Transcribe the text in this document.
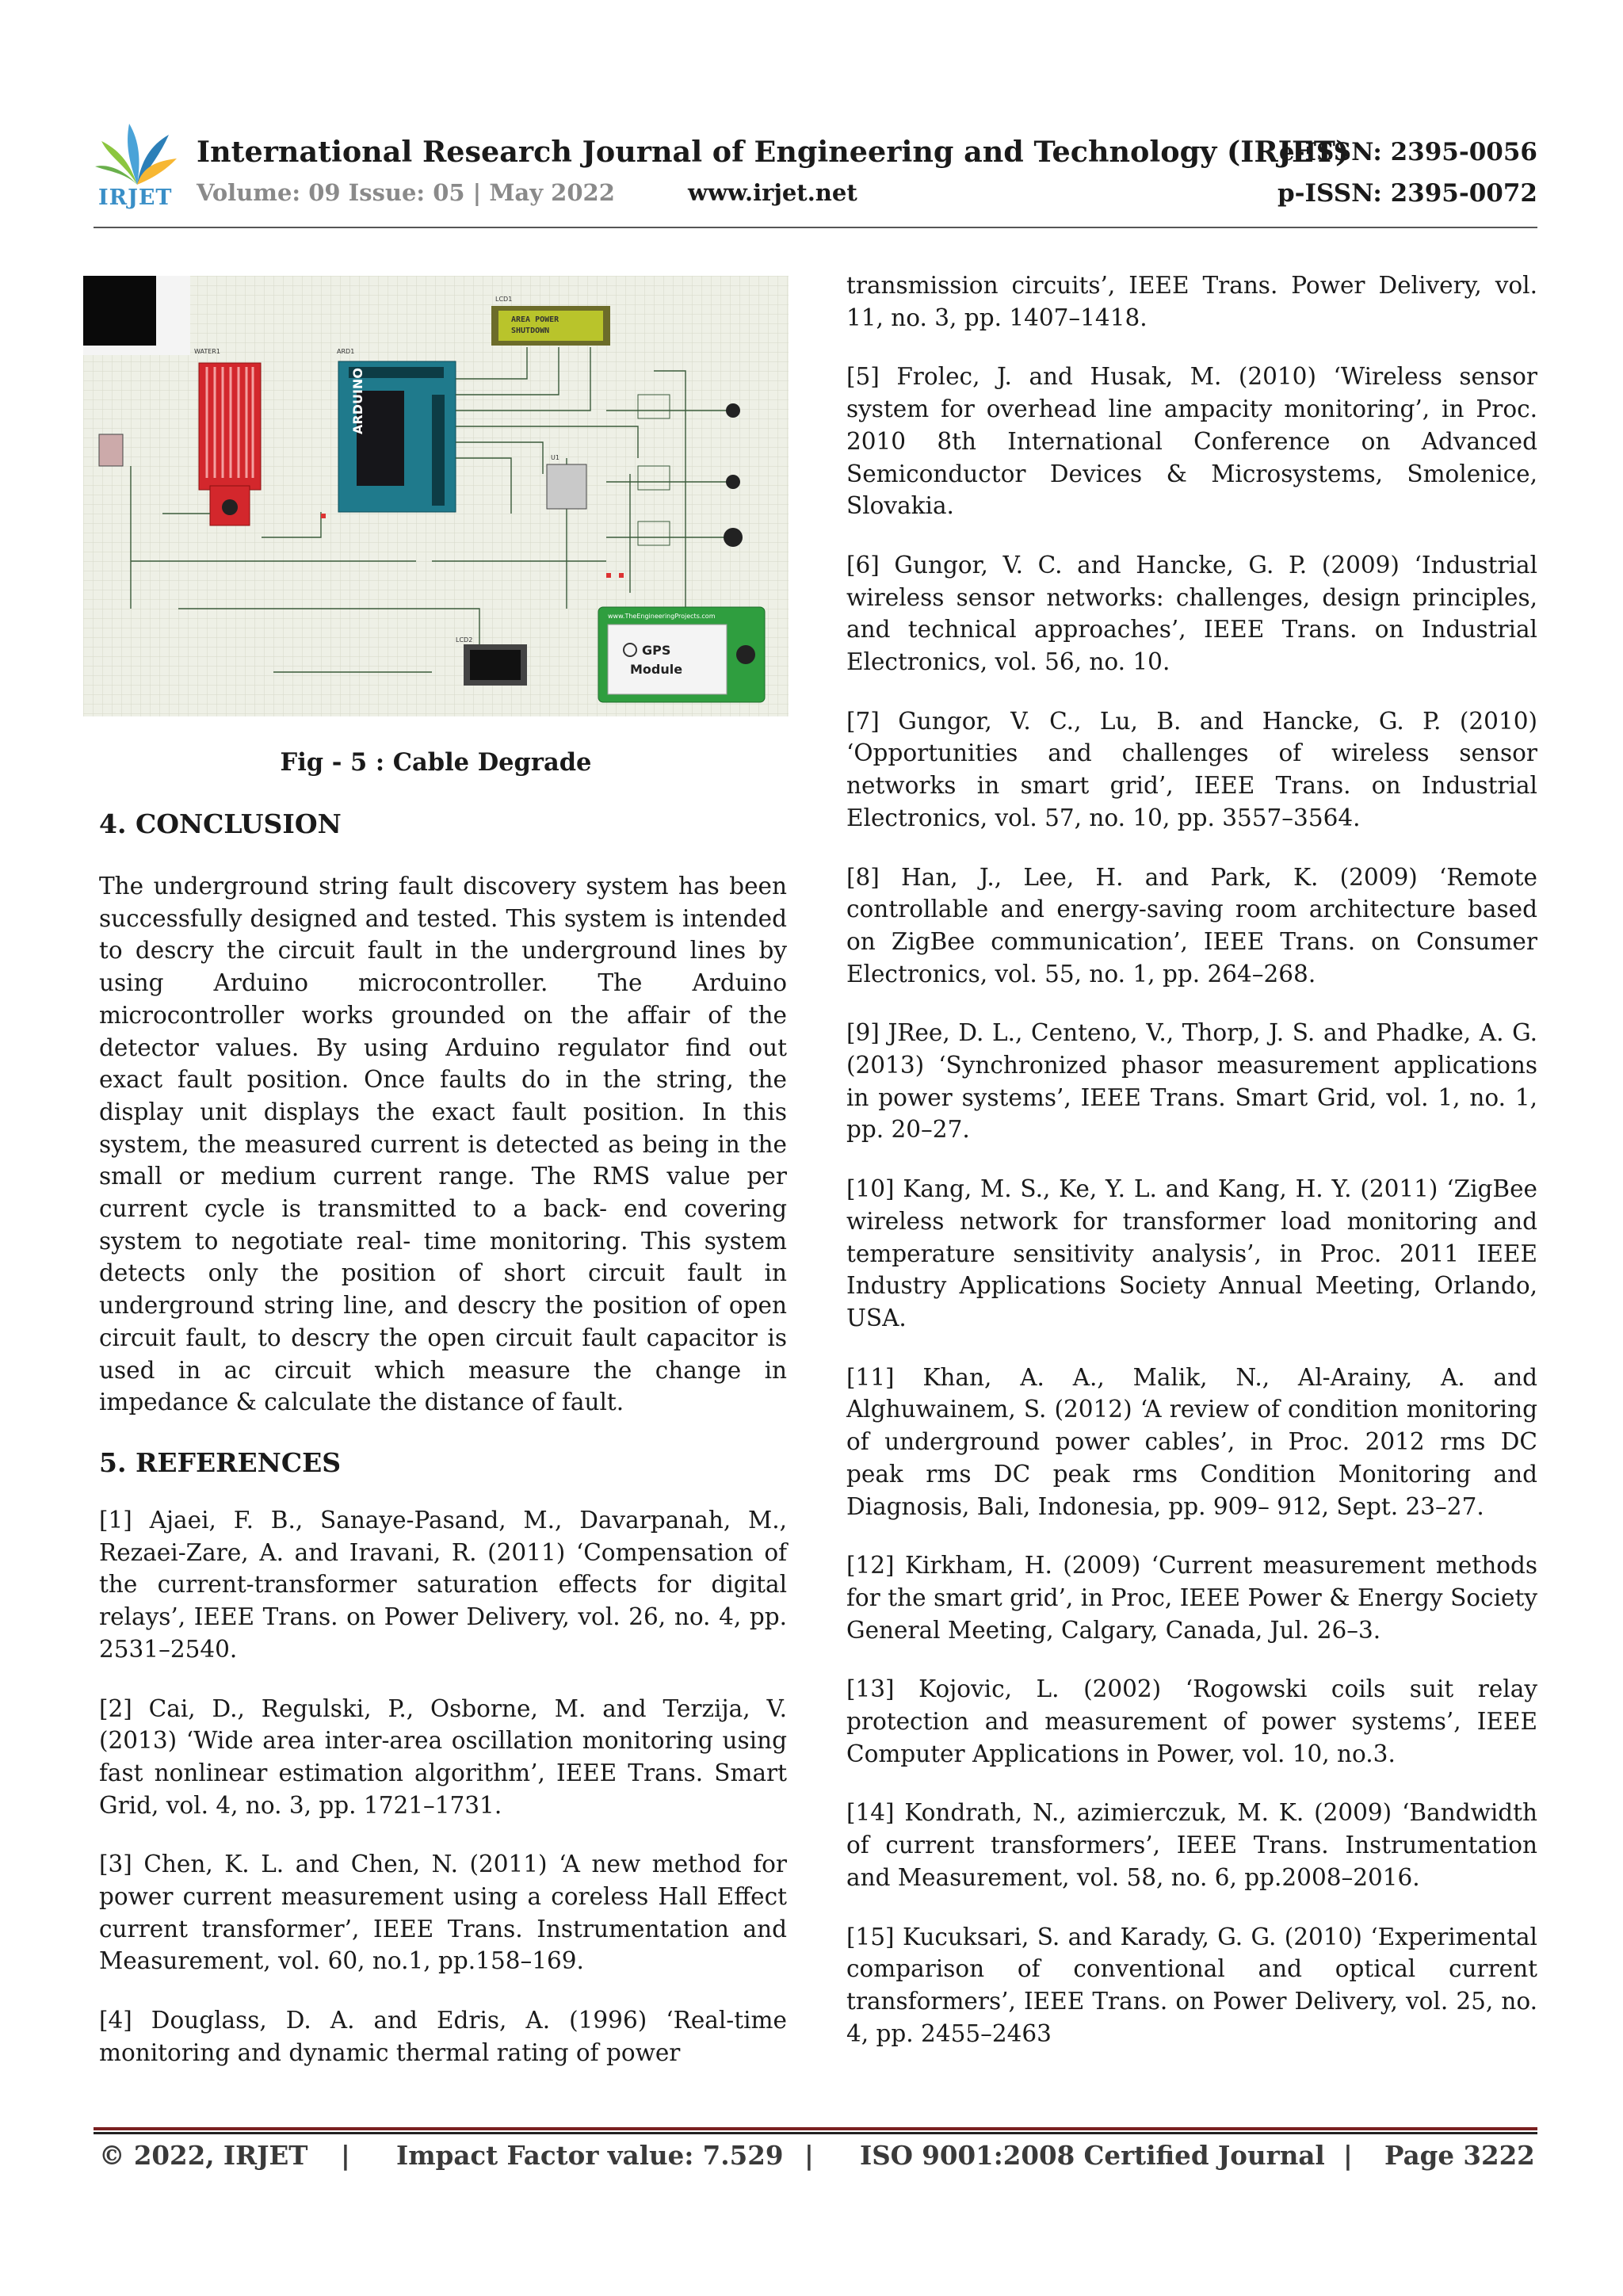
IRJET
International Research Journal of Engineering and Technology (IRJET)
e-ISSN: 2395-0056
Volume: 09 Issue: 05 | May 2022	www.irjet.net	p-ISSN: 2395-0072
WATER1	ARD1
ARDUINO
LCD1
AREA POWER
SHUTDOWN
U1
LCD2
www.TheEngineeringProjects.com
GPS
Module
Fig - 5 : Cable Degrade
4. CONCLUSION

The underground string fault discovery system has been successfully designed and tested. This system is intended to descry the circuit fault in the underground lines by using Arduino microcontroller. The Arduino microcontroller works grounded on the affair of the detector values. By using Arduino regulator find out exact fault position. Once faults do in the string, the display unit displays the exact fault position. In this system, the measured current is detected as being in the small or medium current range. The RMS value per current cycle is transmitted to a back- end covering system to negotiate real- time monitoring. This system detects only the position of short circuit fault in underground string line, and descry the position of open circuit fault, to descry the open circuit fault capacitor is used in ac circuit which measure the change in impedance & calculate the distance of fault.

5. REFERENCES
[1] Ajaei, F. B., Sanaye-Pasand, M., Davarpanah, M., Rezaei-Zare, A. and Iravani, R. (2011) ‘Compensation of the current-transformer saturation effects for digital relays’, IEEE Trans. on Power Delivery, vol. 26, no. 4, pp. 2531–2540.
[2] Cai, D., Regulski, P., Osborne, M. and Terzija, V. (2013) ‘Wide area inter-area oscillation monitoring using fast nonlinear estimation algorithm’, IEEE Trans. Smart Grid, vol. 4, no. 3, pp. 1721–1731.
[3] Chen, K. L. and Chen, N. (2011) ‘A new method for power current measurement using a coreless Hall Effect current transformer’, IEEE Trans. Instrumentation and Measurement, vol. 60, no.1, pp.158–169.
[4] Douglass, D. A. and Edris, A. (1996) ‘Real-time monitoring and dynamic thermal rating of power
transmission circuits’, IEEE Trans. Power Delivery, vol. 11, no. 3, pp. 1407–1418.
[5] Frolec, J. and Husak, M. (2010) ‘Wireless sensor system for overhead line ampacity monitoring’, in Proc. 2010 8th International Conference on Advanced Semiconductor Devices & Microsystems, Smolenice, Slovakia.
[6] Gungor, V. C. and Hancke, G. P. (2009) ‘Industrial wireless sensor networks: challenges, design principles, and technical approaches’, IEEE Trans. on Industrial Electronics, vol. 56, no. 10.
[7] Gungor, V. C., Lu, B. and Hancke, G. P. (2010) ‘Opportunities and challenges of wireless sensor networks in smart grid’, IEEE Trans. on Industrial Electronics, vol. 57, no. 10, pp. 3557–3564.
[8] Han, J., Lee, H. and Park, K. (2009) ‘Remote controllable and energy-saving room architecture based on ZigBee communication’, IEEE Trans. on Consumer Electronics, vol. 55, no. 1, pp. 264–268.
[9] JRee, D. L., Centeno, V., Thorp, J. S. and Phadke, A. G. (2013) ‘Synchronized phasor measurement applications in power systems’, IEEE Trans. Smart Grid, vol. 1, no. 1, pp. 20–27.
[10] Kang, M. S., Ke, Y. L. and Kang, H. Y. (2011) ‘ZigBee wireless network for transformer load monitoring and temperature sensitivity analysis’, in Proc. 2011 IEEE Industry Applications Society Annual Meeting, Orlando, USA.
[11] Khan, A. A., Malik, N., Al-Arainy, A. and Alghuwainem, S. (2012) ‘A review of condition monitoring of underground power cables’, in Proc. 2012 rms DC peak rms DC peak rms Condition Monitoring and Diagnosis, Bali, Indonesia, pp. 909– 912, Sept. 23–27.
[12] Kirkham, H. (2009) ‘Current measurement methods for the smart grid’, in Proc, IEEE Power & Energy Society General Meeting, Calgary, Canada, Jul. 26–3.
[13] Kojovic, L. (2002) ‘Rogowski coils suit relay protection and measurement of power systems’, IEEE Computer Applications in Power, vol. 10, no.3.
[14] Kondrath, N., azimierczuk, M. K. (2009) ‘Bandwidth of current transformers’, IEEE Trans. Instrumentation and Measurement, vol. 58, no. 6, pp.2008–2016.
[15] Kucuksari, S. and Karady, G. G. (2010) ‘Experimental comparison of conventional and optical current transformers’, IEEE Trans. on Power Delivery, vol. 25, no. 4, pp. 2455–2463
© 2022, IRJET | Impact Factor value: 7.529 | ISO 9001:2008 Certified Journal | Page 3222
